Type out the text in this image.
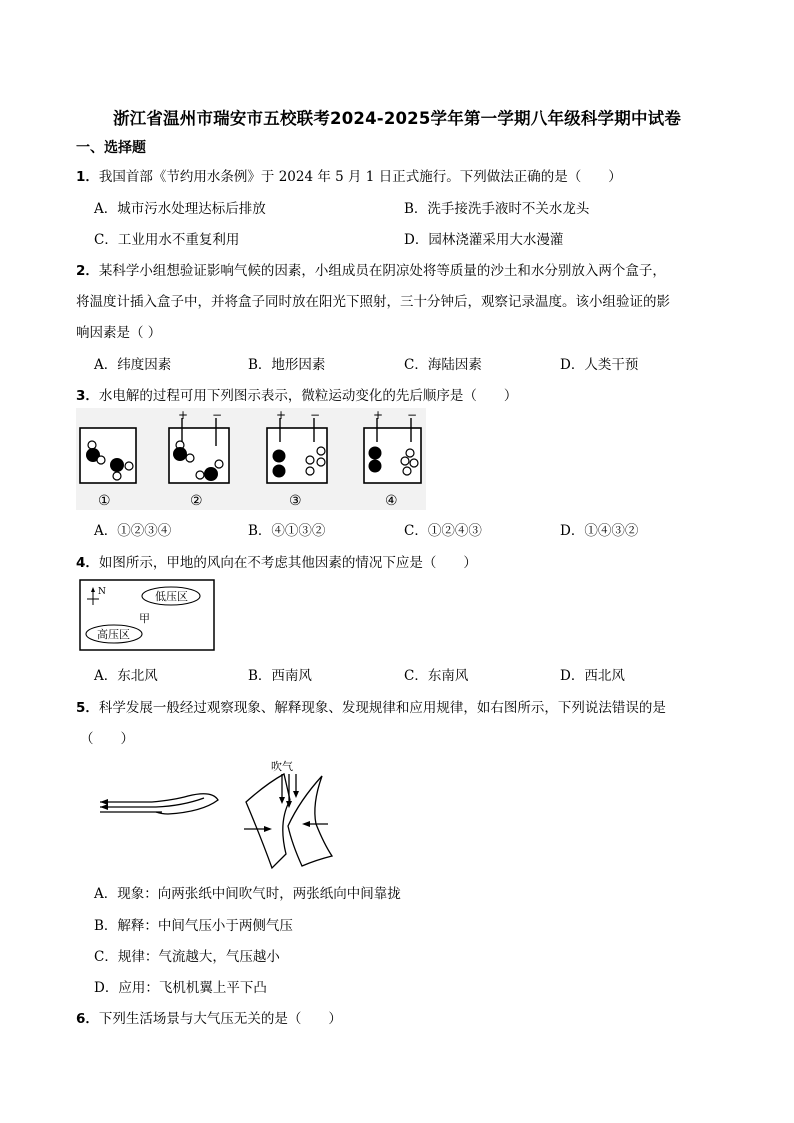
浙江省温州市瑞安市五校联考2024-2025学年第一学期八年级科学期中试卷
一、选择题
1．我国首部《节约用水条例》于 2024 年 5 月 1 日正式施行。下列做法正确的是（　　）
A．城市污水处理达标后排放	B．洗手接洗手液时不关水龙头
C．工业用水不重复利用	D．园林浇灌采用大水漫灌
2．某科学小组想验证影响气候的因素，小组成员在阴凉处将等质量的沙土和水分别放入两个盒子，
将温度计插入盒子中，并将盒子同时放在阳光下照射，三十分钟后，观察记录温度。该小组验证的影
响因素是（ ）
A．纬度因素	B．地形因素	C．海陆因素	D．人类干预
3．水电解的过程可用下列图示表示，微粒运动变化的先后顺序是（　　）
+ −	+ −	+ −
①	②	③	④
A．①②③④	B．④①③②	C．①②④③	D．①④③②
4．如图所示，甲地的风向在不考虑其他因素的情况下应是（　　）
N	低压区
甲
高压区
A．东北风	B．西南风	C．东南风	D．西北风
5．科学发展一般经过观察现象、解释现象、发现规律和应用规律，如右图所示，下列说法错误的是
（　　）
吹气
A．现象：向两张纸中间吹气时，两张纸向中间靠拢
B．解释：中间气压小于两侧气压
C．规律：气流越大，气压越小
D．应用：飞机机翼上平下凸
6．下列生活场景与大气压无关的是（　　）
